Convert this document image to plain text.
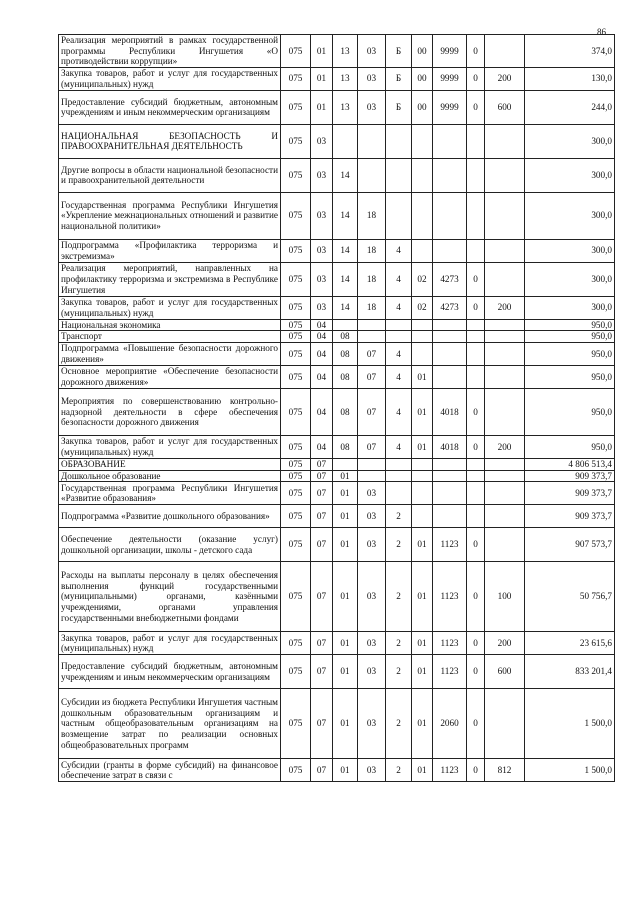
86
Реализация мероприятий в рамках государственной программы Республики Ингушетия «О противодействии коррупции»	075	01	13	03	Б	00	9999	0		374,0
Закупка товаров, работ и услуг для государственных (муниципальных) нужд	075	01	13	03	Б	00	9999	0	200	130,0
Предоставление субсидий бюджетным, автономным учреждениям и иным некоммерческим организациям	075	01	13	03	Б	00	9999	0	600	244,0
НАЦИОНАЛЬНАЯ БЕЗОПАСНОСТЬ И ПРАВООХРАНИТЕЛЬНАЯ ДЕЯТЕЛЬНОСТЬ	075	03								300,0
Другие вопросы в области национальной безопасности и правоохранительной деятельности	075	03	14							300,0
Государственная программа Республики Ингушетия «Укрепление межнациональных отношений и развитие национальной политики»	075	03	14	18						300,0
Подпрограмма «Профилактика терроризма и экстремизма»	075	03	14	18	4					300,0
Реализация мероприятий, направленных на профилактику терроризма и экстремизма в Республике Ингушетия	075	03	14	18	4	02	4273	0		300,0
Закупка товаров, работ и услуг для государственных (муниципальных) нужд	075	03	14	18	4	02	4273	0	200	300,0
Национальная экономика	075	04								950,0
Транспорт	075	04	08							950,0
Подпрограмма «Повышение безопасности дорожного движения»	075	04	08	07	4					950,0
Основное мероприятие «Обеспечение безопасности дорожного движения»	075	04	08	07	4	01				950,0
Мероприятия по совершенствованию контрольно-надзорной деятельности в сфере обеспечения безопасности дорожного движения	075	04	08	07	4	01	4018	0		950,0
Закупка товаров, работ и услуг для государственных (муниципальных) нужд	075	04	08	07	4	01	4018	0	200	950,0
ОБРАЗОВАНИЕ	075	07								4 806 513,4
Дошкольное образование	075	07	01							909 373,7
Государственная программа Республики Ингушетия «Развитие образования»	075	07	01	03						909 373,7
Подпрограмма «Развитие дошкольного образования»	075	07	01	03	2					909 373,7
Обеспечение деятельности (оказание услуг) дошкольной организации, школы - детского сада	075	07	01	03	2	01	1123	0		907 573,7
Расходы на выплаты персоналу в целях обеспечения выполнения функций государственными (муниципальными) органами, казёнными учреждениями, органами управления государственными внебюджетными фондами	075	07	01	03	2	01	1123	0	100	50 756,7
Закупка товаров, работ и услуг для государственных (муниципальных) нужд	075	07	01	03	2	01	1123	0	200	23 615,6
Предоставление субсидий бюджетным, автономным учреждениям и иным некоммерческим организациям	075	07	01	03	2	01	1123	0	600	833 201,4
Субсидии из бюджета Республики Ингушетия частным дошкольным образовательным организациям и частным общеобразовательным организациям на возмещение затрат по реализации основных общеобразовательных программ	075	07	01	03	2	01	2060	0		1 500,0
Субсидии (гранты в форме субсидий) на финансовое обеспечение затрат в связи с	075	07	01	03	2	01	1123	0	812	1 500,0
